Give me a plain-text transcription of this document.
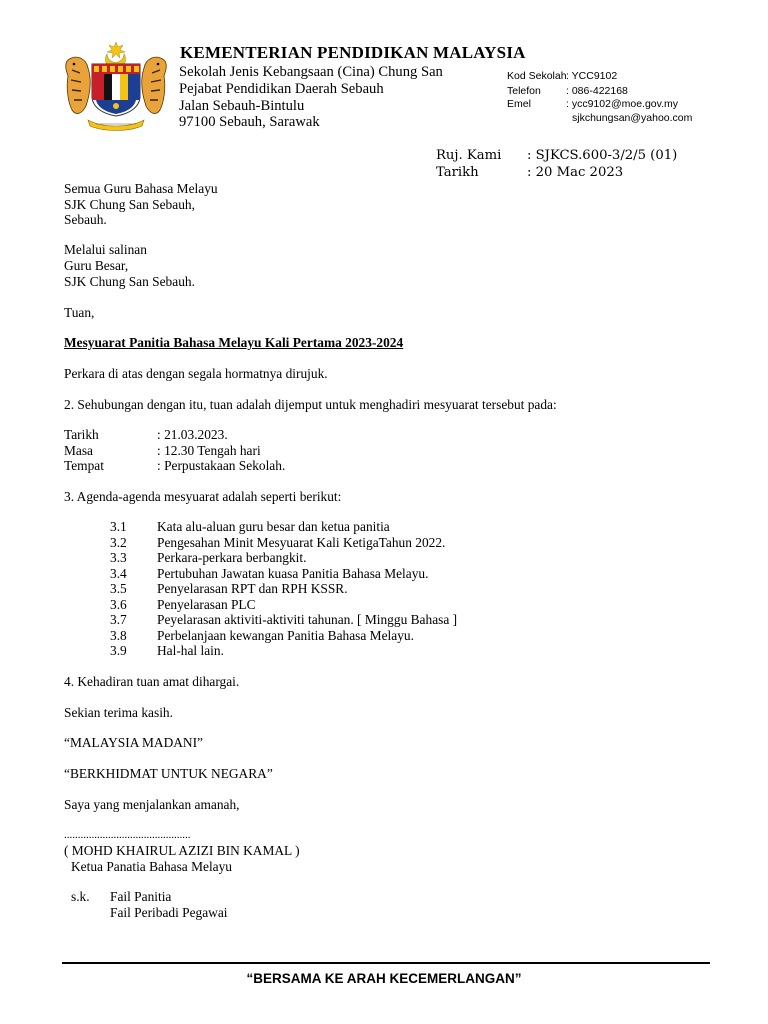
KEMENTERIAN PENDIDIKAN MALAYSIA
Sekolah Jenis Kebangsaan (Cina) Chung San
Pejabat Pendidikan Daerah Sebauh
Jalan Sebauh-Bintulu
97100 Sebauh, Sarawak
Kod Sekolah : YCC9102
Telefon : 086-422168
Emel	: ycc9102@moe.gov.my
sjkchungsan@yahoo.com
Ruj. Kami : SJKCS.600-3/2/5 (01)
Tarikh	: 20 Mac 2023
Semua Guru Bahasa Melayu
SJK Chung San Sebauh,
Sebauh.
Melalui salinan
Guru Besar,
SJK Chung San Sebauh.
Tuan,
Mesyuarat Panitia Bahasa Melayu Kali Pertama 2023-2024
Perkara di atas dengan segala hormatnya dirujuk.
2. Sehubungan dengan itu, tuan adalah dijemput untuk menghadiri mesyuarat tersebut pada:
Tarikh	: 21.03.2023.
Masa	: 12.30 Tengah hari
Tempat	: Perpustakaan Sekolah.
3. Agenda-agenda mesyuarat adalah seperti berikut:
3.1 Kata alu-aluan guru besar dan ketua panitia
3.2 Pengesahan Minit Mesyuarat Kali KetigaTahun 2022.
3.3 Perkara-perkara berbangkit.
3.4 Pertubuhan Jawatan kuasa Panitia Bahasa Melayu.
3.5 Penyelarasan RPT dan RPH KSSR.
3.6 Penyelarasan PLC
3.7 Peyelarasan aktiviti-aktiviti tahunan. [ Minggu Bahasa ]
3.8 Perbelanjaan kewangan Panitia Bahasa Melayu.
3.9 Hal-hal lain.
4. Kehadiran tuan amat dihargai.
Sekian terima kasih.
“MALAYSIA MADANI”
“BERKHIDMAT UNTUK NEGARA”
Saya yang menjalankan amanah,
..............................................
( MOHD KHAIRUL AZIZI BIN KAMAL )
Ketua Panatia Bahasa Melayu
s.k. Fail Panitia
Fail Peribadi Pegawai
“BERSAMA KE ARAH KECEMERLANGAN”
